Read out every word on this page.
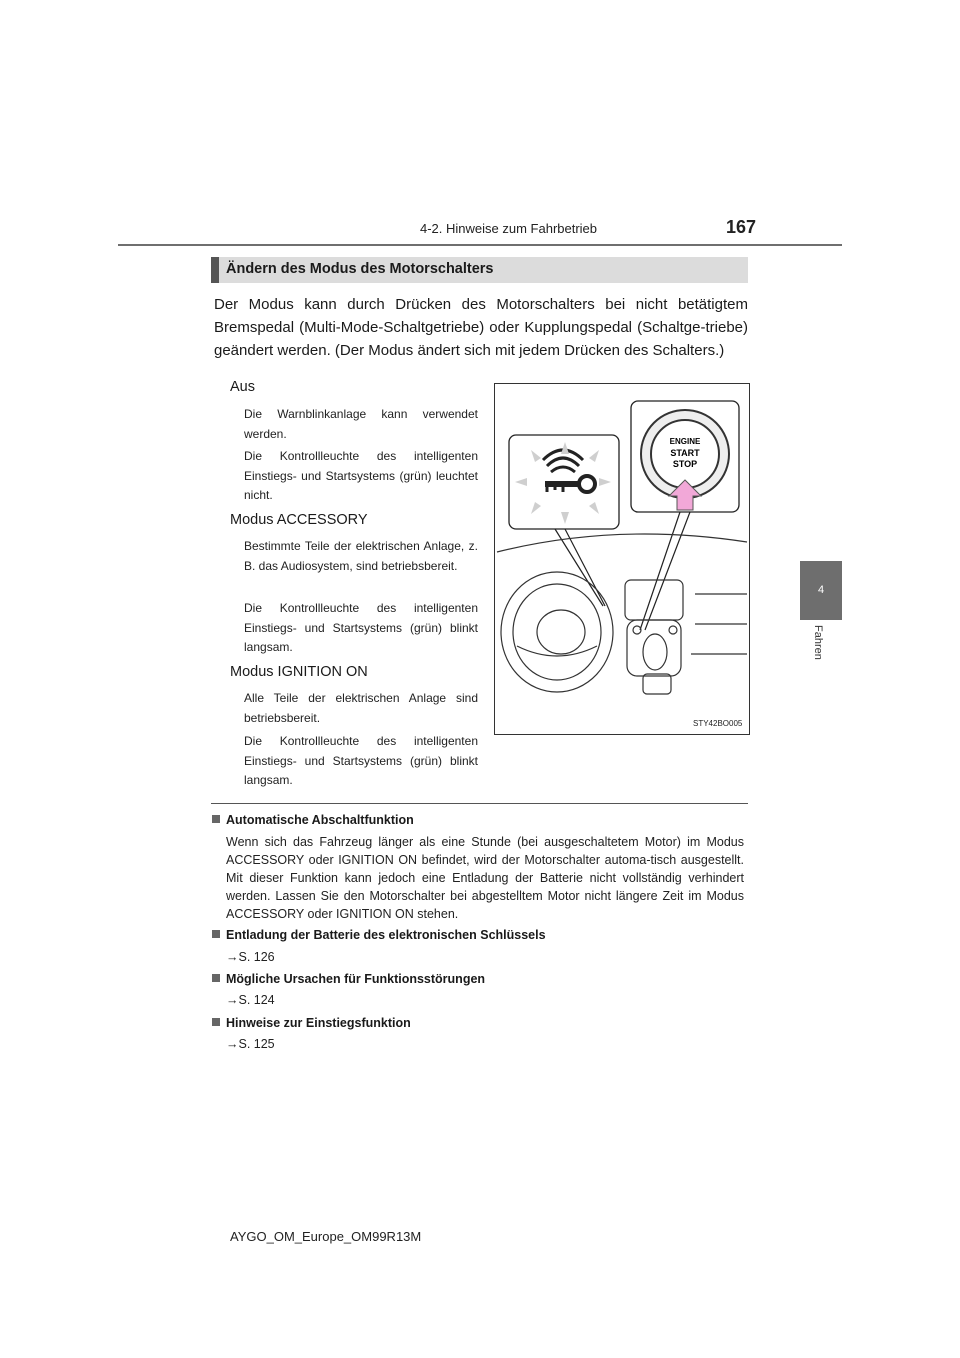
4-2. Hinweise zum Fahrbetrieb	167
4
Fahren
Ändern des Modus des Motorschalters
Der Modus kann durch Drücken des Motorschalters bei nicht betätigtem Bremspedal (Multi-Mode-Schaltgetriebe) oder Kupplungspedal (Schaltge-triebe) geändert werden. (Der Modus ändert sich mit jedem Drücken des Schalters.)
Aus
Die Warnblinkanlage kann verwendet werden.
Die Kontrollleuchte des intelligenten Einstiegs- und Startsystems (grün) leuchtet nicht.
Modus ACCESSORY
Bestimmte Teile der elektrischen Anlage, z. B. das Audiosystem, sind betriebsbereit.
Die Kontrollleuchte des intelligenten Einstiegs- und Startsystems (grün) blinkt langsam.
Modus IGNITION ON
Alle Teile der elektrischen Anlage sind betriebsbereit.
Die Kontrollleuchte des intelligenten Einstiegs- und Startsystems (grün) blinkt langsam.
ENGINE
START
STOP
STY42BO005
Automatische Abschaltfunktion
Wenn sich das Fahrzeug länger als eine Stunde (bei ausgeschaltetem Motor) im Modus ACCESSORY oder IGNITION ON befindet, wird der Motorschalter automa-tisch ausgestellt. Mit dieser Funktion kann jedoch eine Entladung der Batterie nicht vollständig verhindert werden. Lassen Sie den Motorschalter bei abgestelltem Motor nicht längere Zeit im Modus ACCESSORY oder IGNITION ON stehen.
Entladung der Batterie des elektronischen Schlüssels
→S. 126
Mögliche Ursachen für Funktionsstörungen
→S. 124
Hinweise zur Einstiegsfunktion
→S. 125
AYGO_OM_Europe_OM99R13M
